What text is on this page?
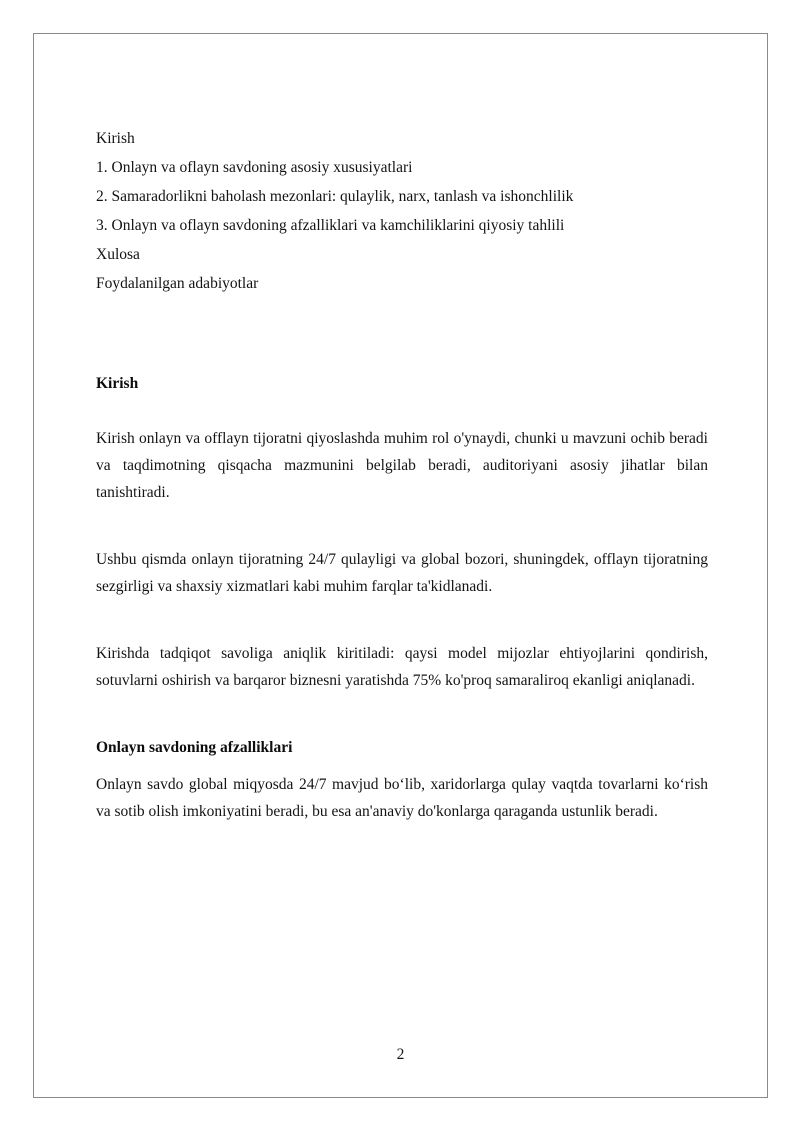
Kirish
1. Onlayn va oflayn savdoning asosiy xususiyatlari
2. Samaradorlikni baholash mezonlari: qulaylik, narx, tanlash va ishonchlilik
3. Onlayn va oflayn savdoning afzalliklari va kamchiliklarini qiyosiy tahlili
Xulosa
Foydalanilgan adabiyotlar
Kirish

Kirish onlayn va offlayn tijoratni qiyoslashda muhim rol o'ynaydi, chunki u mavzuni ochib beradi va taqdimotning qisqacha mazmunini belgilab beradi, auditoriyani asosiy jihatlar bilan tanishtiradi.

Ushbu qismda onlayn tijoratning 24/7 qulayligi va global bozori, shuningdek, offlayn tijoratning sezgirligi va shaxsiy xizmatlari kabi muhim farqlar ta'kidlanadi.

Kirishda tadqiqot savoliga aniqlik kiritiladi: qaysi model mijozlar ehtiyojlarini qondirish, sotuvlarni oshirish va barqaror biznesni yaratishda 75% ko'proq samaraliroq ekanligi aniqlanadi.

Onlayn savdoning afzalliklari

Onlayn savdo global miqyosda 24/7 mavjud bo‘lib, xaridorlarga qulay vaqtda tovarlarni ko‘rish va sotib olish imkoniyatini beradi, bu esa an'anaviy do'konlarga qaraganda ustunlik beradi.

2
